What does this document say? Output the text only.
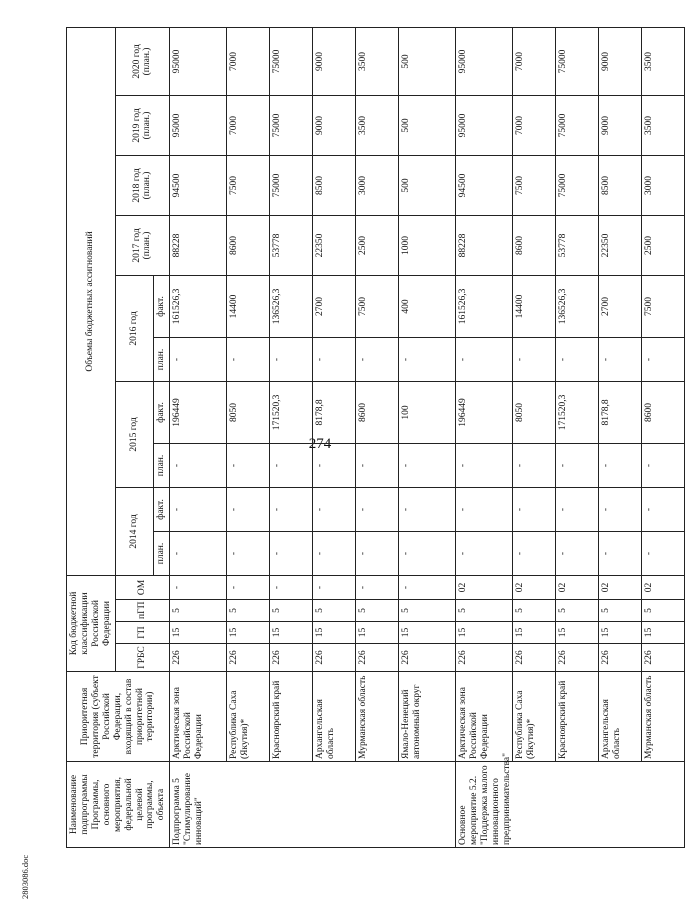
274
2803086.doc
Наименование подпрограммы Программы, основного мероприятия, федеральной целевой программы, объекта	Приоритетная территория (субъект Российской Федерации, входящий в состав приоритетной территории)	Код бюджетной классификации Российской Федерации				Объемы бюджетных ассигнований									
		ГРБС	ГП	пГП	ОМ	2014 год		2015 год		2016 год		2017 год (план.)	2018 год (план.)	2019 год (план.)	2020 год (план.)
						план.	факт.	план.	факт.	план.	факт.				
Подпрограмма 5 "Стимулирование инноваций"	Арктическая зона Российской Федерации	226	15	5	-	-	-	-	196449	-	161526,3	88228	94500	95000	95000
	Республика Саха (Якутия)*	226	15	5	-	-	-	-	8050	-	14400	8600	7500	7000	7000
	Красноярский край	226	15	5	-	-	-	-	171520,3	-	136526,3	53778	75000	75000	75000
	Архангельская область	226	15	5	-	-	-	-	8178,8	-	2700	22350	8500	9000	9000
	Мурманская область	226	15	5	-	-	-	-	8600	-	7500	2500	3000	3500	3500
	Ямало-Ненецкий автономный округ	226	15	5	-	-	-	-	100	-	400	1000	500	500	500
Основное мероприятие 5.2. "Поддержка малого инновационного предпринимательства"	Арктическая зона Российской Федерации	226	15	5	02	-	-	-	196449	-	161526,3	88228	94500	95000	95000
	Республика Саха (Якутия)*	226	15	5	02	-	-	-	8050	-	14400	8600	7500	7000	7000
	Красноярский край	226	15	5	02	-	-	-	171520,3	-	136526,3	53778	75000	75000	75000
	Архангельская область	226	15	5	02	-	-	-	8178,8	-	2700	22350	8500	9000	9000
	Мурманская область	226	15	5	02	-	-	-	8600	-	7500	2500	3000	3500	3500
